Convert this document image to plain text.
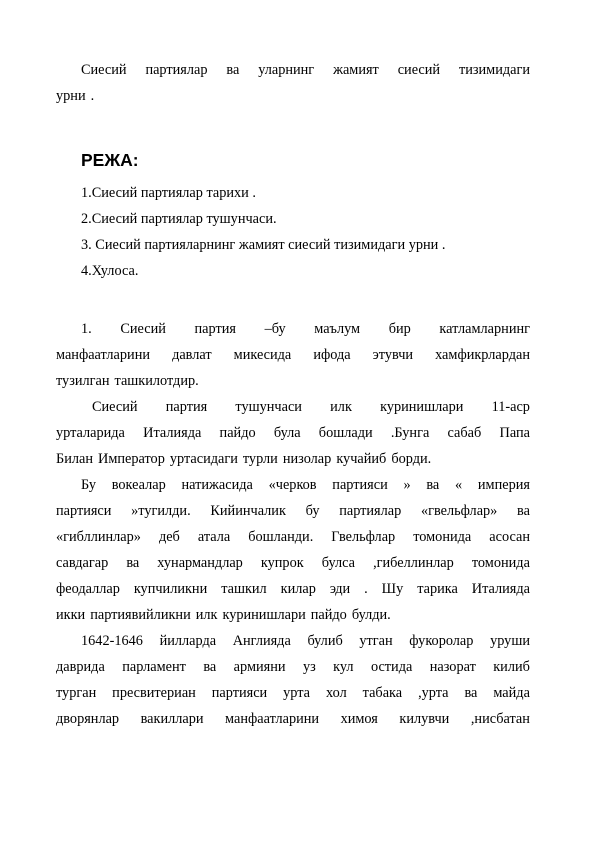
Сиесий партиялар ва уларнинг жамият сиесий тизимидаги
урни .
РЕЖА:
1.Сиесий партиялар тарихи .
2.Сиесий партиялар тушунчаси.
3. Сиесий партияларнинг жамият сиесий тизимидаги урни .
4.Хулоса.
1. Сиесий партия –бу маълум бир катламларнинг
манфаатларини давлат микесида ифода этувчи хамфикрлардан
тузилган ташкилотдир.
Сиесий партия тушунчаси илк куринишлари 11-аср
урталарида Италияда пайдо була бошлади .Бунга сабаб Папа
Билан Император уртасидаги турли низолар кучайиб борди.
Бу вокеалар натижасида «черков партияси » ва « империя
партияси »тугилди. Кийинчалик бу партиялар «гвельфлар» ва
«гибллинлар» деб атала бошланди. Гвельфлар томонида асосан
савдагар ва хунармандлар купрок булса ,гибеллинлар томонида
феодаллар купчиликни ташкил килар эди . Шу тарика Италияда
икки партиявийликни илк куринишлари пайдо булди.
1642-1646 йилларда Англияда булиб утган фукоролар уруши
даврида парламент ва армияни уз кул остида назорат килиб
турган пресвитериан партияси урта хол табака ,урта ва майда
дворянлар вакиллари манфаатларини химоя килувчи ,нисбатан
